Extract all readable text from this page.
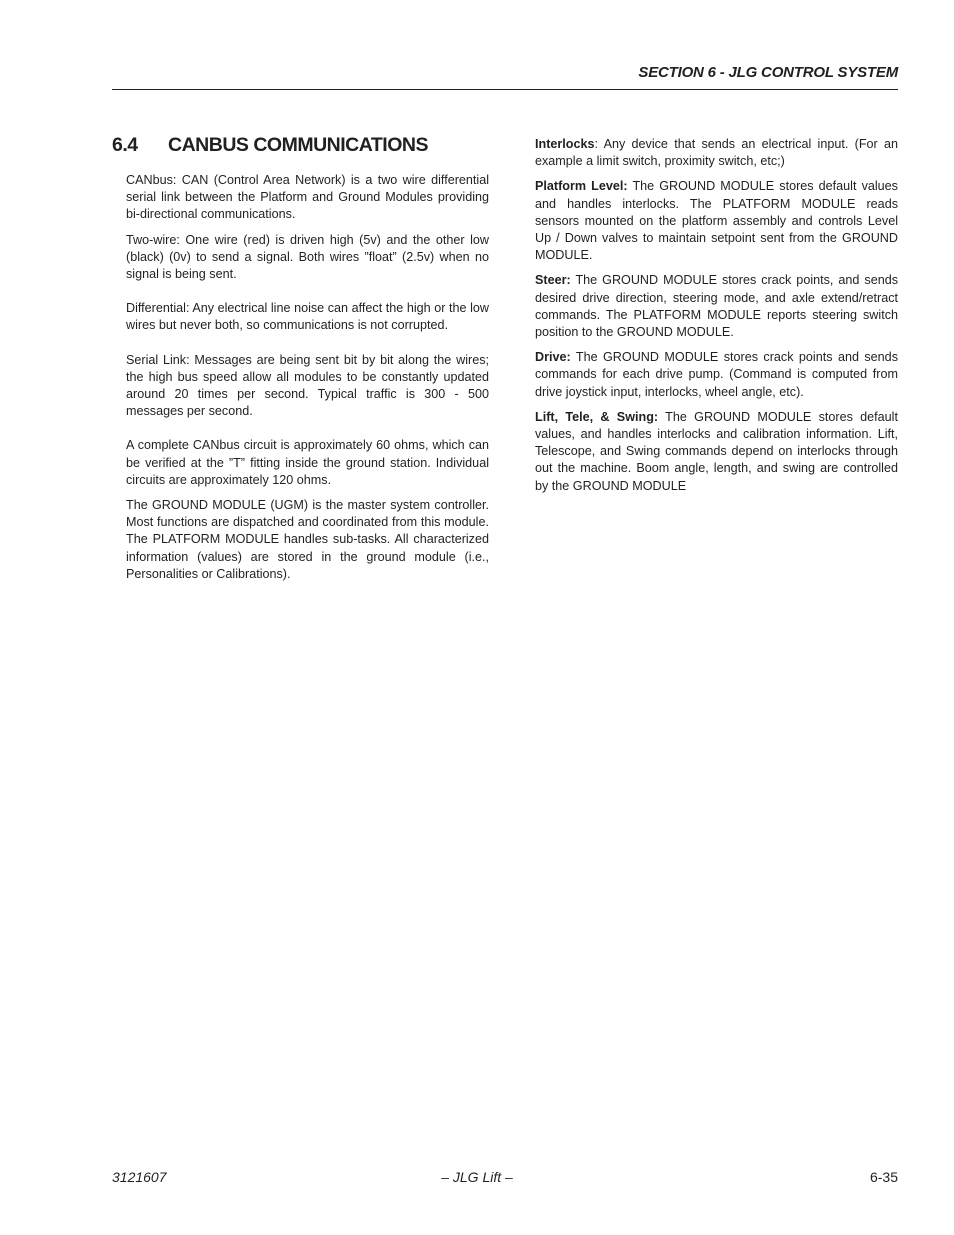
SECTION 6 - JLG CONTROL SYSTEM
6.4 CANBUS COMMUNICATIONS

CANbus: CAN (Control Area Network) is a two wire differential serial link between the Platform and Ground Modules providing bi-directional communications.

Two-wire: One wire (red) is driven high (5v) and the other low (black) (0v) to send a signal. Both wires ”float” (2.5v) when no signal is being sent.

Differential: Any electrical line noise can affect the high or the low wires but never both, so communications is not corrupted.

Serial Link: Messages are being sent bit by bit along the wires; the high bus speed allow all modules to be constantly updated around 20 times per second. Typical traffic is 300 - 500 messages per second.

A complete CANbus circuit is approximately 60 ohms, which can be verified at the ”T” fitting inside the ground station. Individual circuits are approximately 120 ohms.

The GROUND MODULE (UGM) is the master system controller. Most functions are dispatched and coordinated from this module. The PLATFORM MODULE handles sub-tasks. All characterized information (values) are stored in the ground module (i.e., Personalities or Calibrations).

Interlocks: Any device that sends an electrical input. (For an example a limit switch, proximity switch, etc;)

Platform Level: The GROUND MODULE stores default values and handles interlocks. The PLATFORM MODULE reads sensors mounted on the platform assembly and controls Level Up / Down valves to maintain setpoint sent from the GROUND MODULE.

Steer: The GROUND MODULE stores crack points, and sends desired drive direction, steering mode, and axle extend/retract commands. The PLATFORM MODULE reports steering switch position to the GROUND MODULE.

Drive: The GROUND MODULE stores crack points and sends commands for each drive pump. (Command is computed from drive joystick input, interlocks, wheel angle, etc).

Lift, Tele, & Swing: The GROUND MODULE stores default values, and handles interlocks and calibration information. Lift, Telescope, and Swing commands depend on interlocks through out the machine. Boom angle, length, and swing are controlled by the GROUND MODULE

– JLG Lift –
3121607	6-35
